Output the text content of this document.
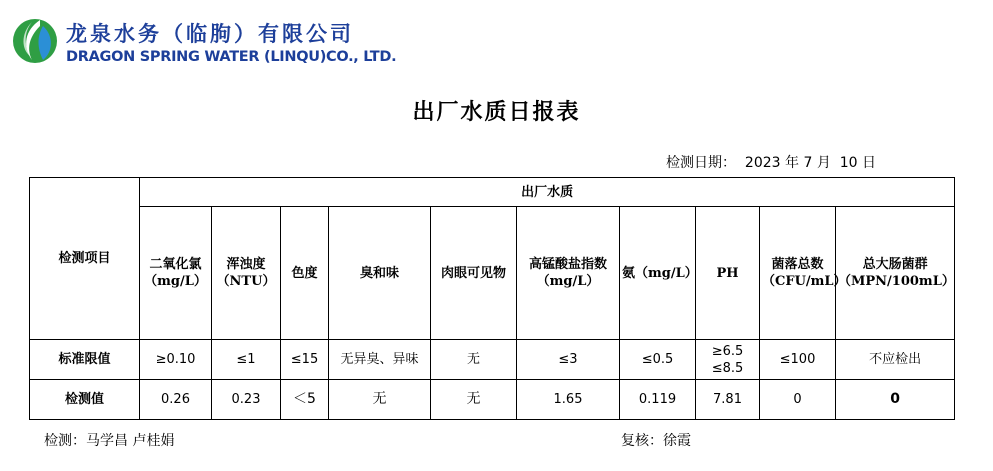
龙泉水务（临朐）有限公司
DRAGON SPRING WATER (LINQU)CO., LTD.
出厂水质日报表
检测日期： 2023 年 7 月 10 日
检测项目	出厂水质									
	二氧化氯（mg/L）	浑浊度（NTU）	色度	臭和味	肉眼可见物	高锰酸盐指数（mg/L）	氨（mg/L）	PH	菌落总数（CFU/mL）	总大肠菌群（MPN/100mL）
标准限值	≥0.10	≤1	≤15	无异臭、异味	无	≤3	≤0.5	≥6.5 ≤8.5	≤100	不应检出
检测值	0.26	0.23	＜5	无	无	1.65	0.119	7.81	0	0
检测：马学昌 卢桂娟	复核：徐霞
